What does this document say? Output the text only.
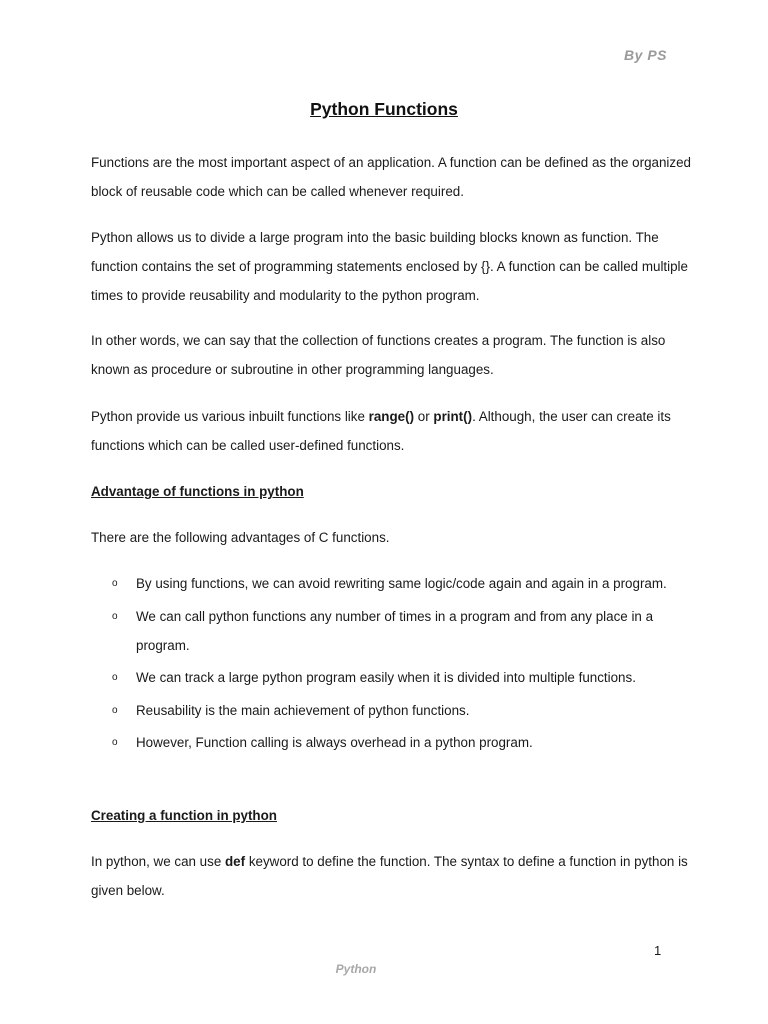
By PS
Python Functions

Functions are the most important aspect of an application. A function can be defined as the organized block of reusable code which can be called whenever required.

Python allows us to divide a large program into the basic building blocks known as function. The function contains the set of programming statements enclosed by {}. A function can be called multiple times to provide reusability and modularity to the python program.

In other words, we can say that the collection of functions creates a program. The function is also known as procedure or subroutine in other programming languages.

Python provide us various inbuilt functions like range() or print(). Although, the user can create its functions which can be called user-defined functions.

Advantage of functions in python

There are the following advantages of C functions.

o By using functions, we can avoid rewriting same logic/code again and again in a program.
o We can call python functions any number of times in a program and from any place in a program.
o We can track a large python program easily when it is divided into multiple functions.
o Reusability is the main achievement of python functions.
o However, Function calling is always overhead in a python program.
Creating a function in python

In python, we can use def keyword to define the function. The syntax to define a function in python is given below.

1
Python
